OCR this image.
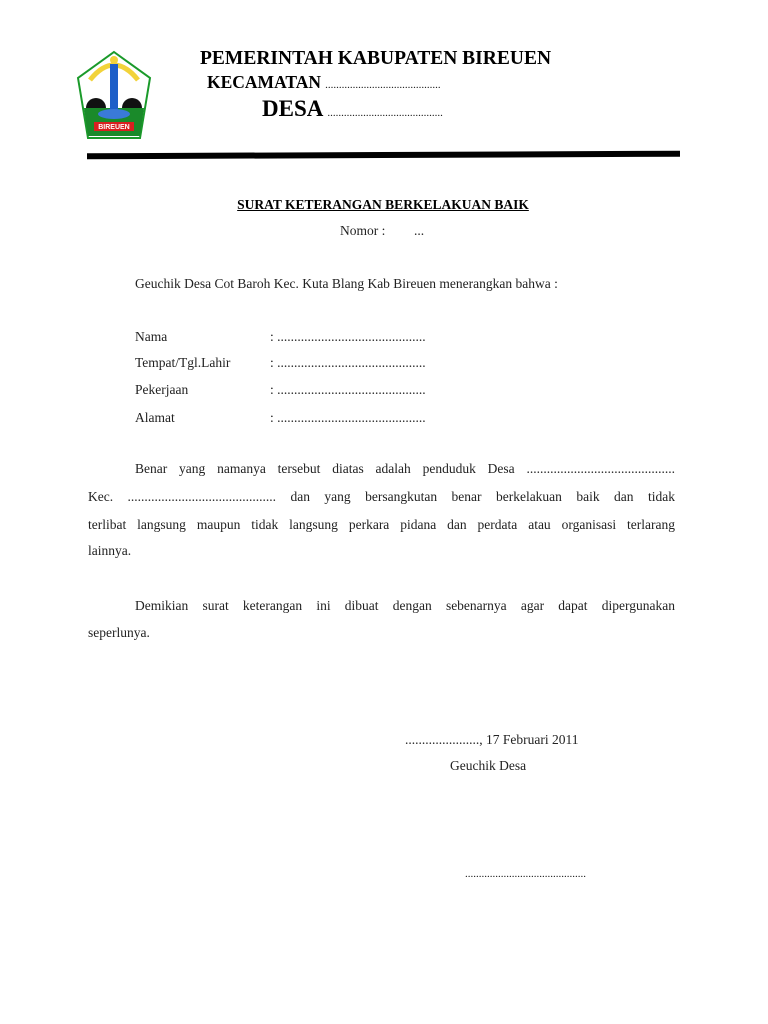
BIREUEN
PEMERINTAH KABUPATEN BIREUEN
KECAMATAN ..........................................
DESA ..........................................
SURAT KETERANGAN BERKELAKUAN BAIK
Nomor : ...
Geuchik Desa Cot Baroh Kec. Kuta Blang Kab Bireuen menerangkan bahwa :
Nama	: ............................................
Tempat/Tgl.Lahir	: ............................................
Pekerjaan	: ............................................
Alamat	: ............................................
Benar yang namanya tersebut diatas adalah penduduk Desa ............................................
Kec. ............................................ dan yang bersangkutan benar berkelakuan baik dan tidak
terlibat langsung maupun tidak langsung perkara pidana dan perdata atau organisasi terlarang
lainnya.
Demikian surat keterangan ini dibuat dengan sebenarnya agar dapat dipergunakan
seperlunya.
......................, 17 Februari 2011
Geuchik Desa
............................................
